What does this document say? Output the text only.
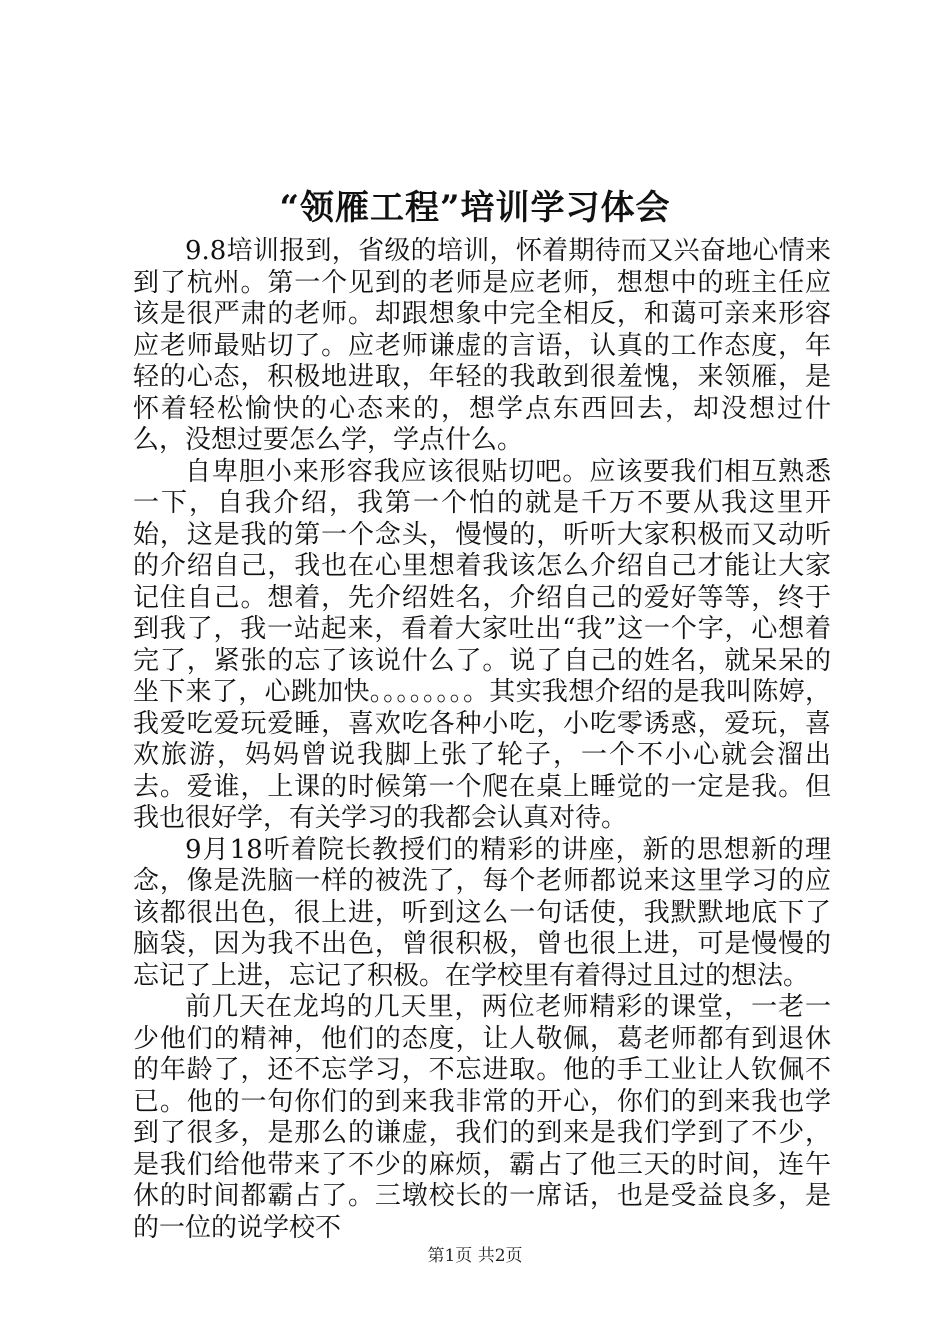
“领雁工程”培训学习体会

9.8培训报到，省级的培训，怀着期待而又兴奋地心情来到了杭州。第一个见到的老师是应老师，想想中的班主任应该是很严肃的老师。却跟想象中完全相反，和蔼可亲来形容应老师最贴切了。应老师谦虚的言语，认真的工作态度，年轻的心态，积极地进取，年轻的我敢到很羞愧，来领雁，是怀着轻松愉快的心态来的，想学点东西回去，却没想过什么，没想过要怎么学，学点什么。

自卑胆小来形容我应该很贴切吧。应该要我们相互熟悉一下，自我介绍，我第一个怕的就是千万不要从我这里开始，这是我的第一个念头，慢慢的，听听大家积极而又动听的介绍自己，我也在心里想着我该怎么介绍自己才能让大家记住自己。想着，先介绍姓名，介绍自己的爱好等等，终于到我了，我一站起来，看着大家吐出“我”这一个字，心想着完了，紧张的忘了该说什么了。说了自己的姓名，就呆呆的坐下来了，心跳加快。。。。。。。。其实我想介绍的是我叫陈婷，我爱吃爱玩爱睡，喜欢吃各种小吃，小吃零诱惑，爱玩，喜欢旅游，妈妈曾说我脚上张了轮子，一个不小心就会溜出去。爱谁，上课的时候第一个爬在桌上睡觉的一定是我。但我也很好学，有关学习的我都会认真对待。

9月18听着院长教授们的精彩的讲座，新的思想新的理念，像是洗脑一样的被洗了，每个老师都说来这里学习的应该都很出色，很上进，听到这么一句话使，我默默地底下了脑袋，因为我不出色，曾很积极，曾也很上进，可是慢慢的忘记了上进，忘记了积极。在学校里有着得过且过的想法。

前几天在龙坞的几天里，两位老师精彩的课堂，一老一少他们的精神，他们的态度，让人敬佩，葛老师都有到退休的年龄了，还不忘学习，不忘进取。他的手工业让人钦佩不已。他的一句你们的到来我非常的开心，你们的到来我也学到了很多，是那么的谦虚，我们的到来是我们学到了不少，是我们给他带来了不少的麻烦，霸占了他三天的时间，连午休的时间都霸占了。三墩校长的一席话，也是受益良多，是的一位的说学校不

第1页 共2页
